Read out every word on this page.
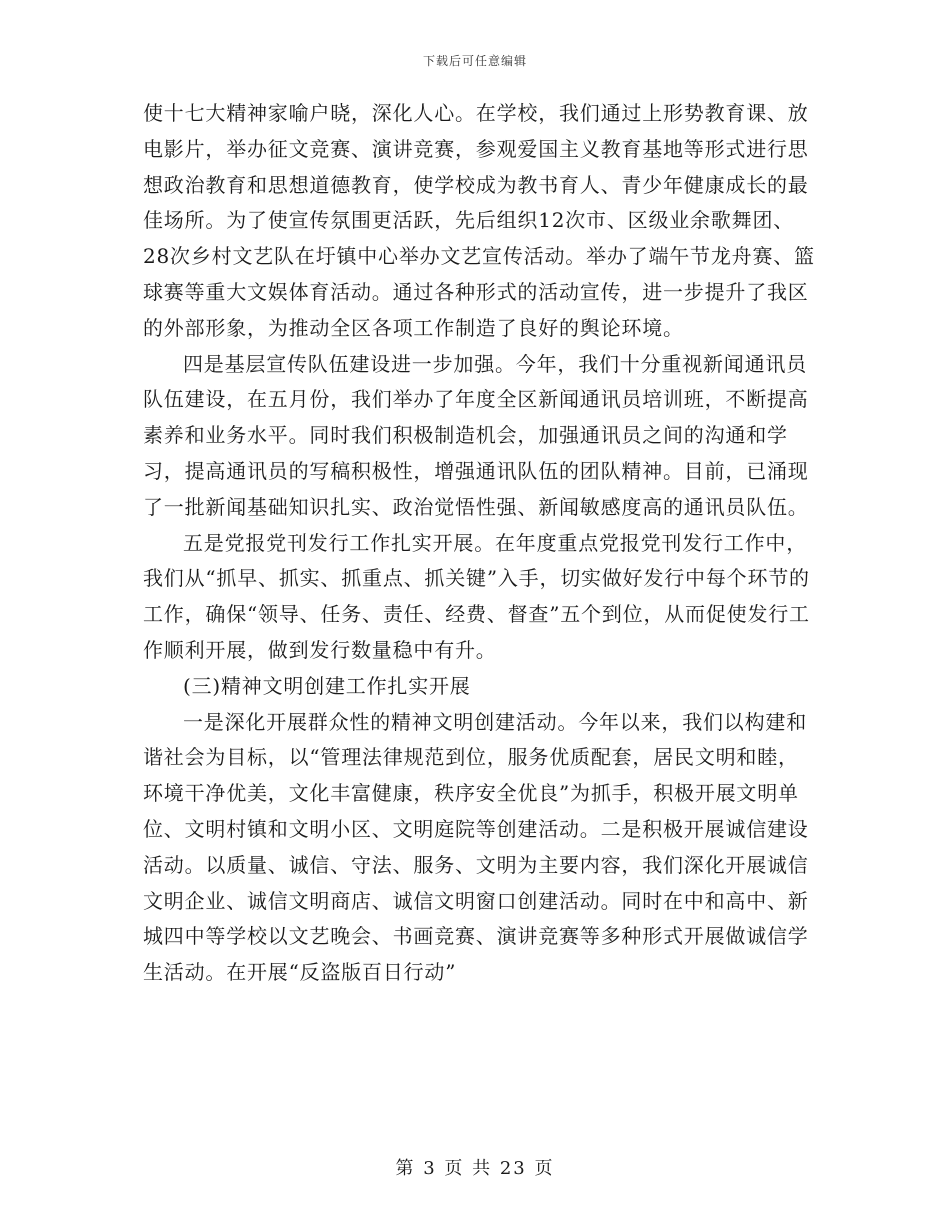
下载后可任意编辑

使十七大精神家喻户晓，深化人心。在学校，我们通过上形势教育课、放电影片，举办征文竞赛、演讲竞赛，参观爱国主义教育基地等形式进行思想政治教育和思想道德教育，使学校成为教书育人、青少年健康成长的最佳场所。为了使宣传氛围更活跃，先后组织12次市、区级业余歌舞团、28次乡村文艺队在圩镇中心举办文艺宣传活动。举办了端午节龙舟赛、篮球赛等重大文娱体育活动。通过各种形式的活动宣传，进一步提升了我区的外部形象，为推动全区各项工作制造了良好的舆论环境。

四是基层宣传队伍建设进一步加强。今年，我们十分重视新闻通讯员队伍建设，在五月份，我们举办了年度全区新闻通讯员培训班，不断提高素养和业务水平。同时我们积极制造机会，加强通讯员之间的沟通和学习，提高通讯员的写稿积极性，增强通讯队伍的团队精神。目前，已涌现了一批新闻基础知识扎实、政治觉悟性强、新闻敏感度高的通讯员队伍。

五是党报党刊发行工作扎实开展。在年度重点党报党刊发行工作中，我们从“抓早、抓实、抓重点、抓关键”入手，切实做好发行中每个环节的工作，确保“领导、任务、责任、经费、督查”五个到位，从而促使发行工作顺利开展，做到发行数量稳中有升。

(三)精神文明创建工作扎实开展

一是深化开展群众性的精神文明创建活动。今年以来，我们以构建和谐社会为目标，以“管理法律规范到位，服务优质配套，居民文明和睦，环境干净优美，文化丰富健康，秩序安全优良”为抓手，积极开展文明单位、文明村镇和文明小区、文明庭院等创建活动。二是积极开展诚信建设活动。以质量、诚信、守法、服务、文明为主要内容，我们深化开展诚信文明企业、诚信文明商店、诚信文明窗口创建活动。同时在中和高中、新城四中等学校以文艺晚会、书画竞赛、演讲竞赛等多种形式开展做诚信学生活动。在开展“反盗版百日行动”

第 3 页 共 23 页
